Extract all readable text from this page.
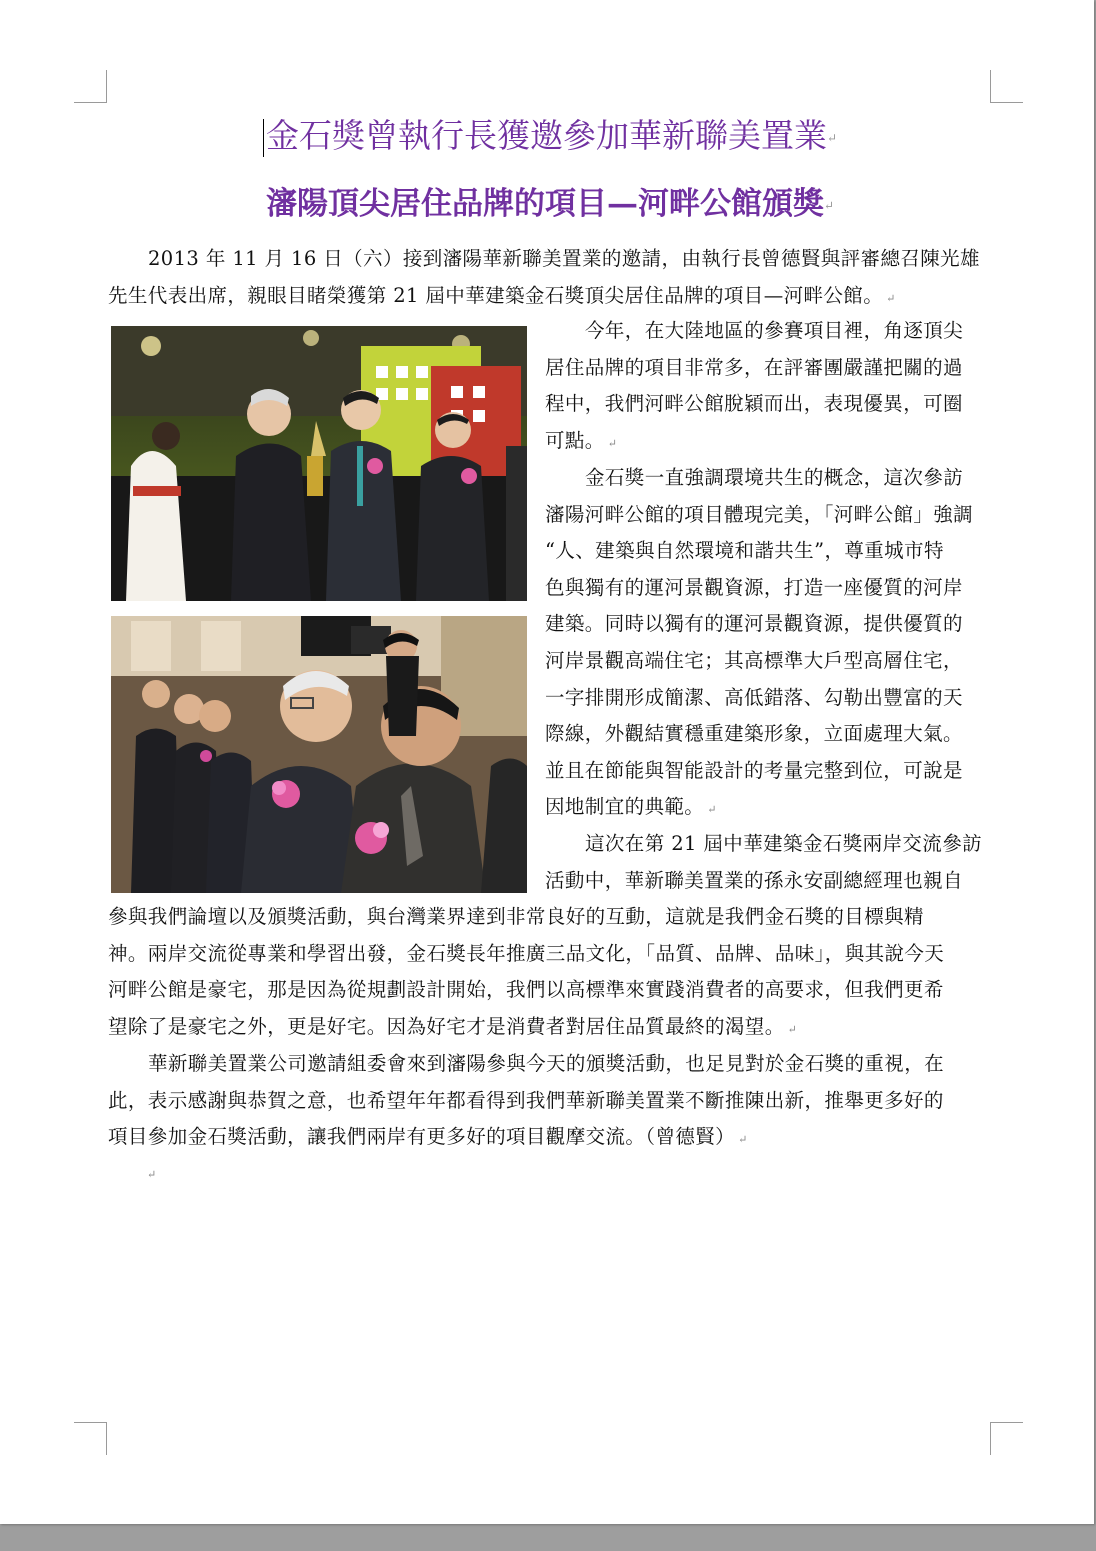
金石獎曾執行長獲邀參加華新聯美置業↵
瀋陽頂尖居住品牌的項目—河畔公館頒獎↵
2013 年 11 月 16 日（六）接到瀋陽華新聯美置業的邀請，由執行長曾德賢與評審總召陳光雄
先生代表出席，親眼目睹榮獲第 21 屆中華建築金石獎頂尖居住品牌的項目—河畔公館。 ↵
今年，在大陸地區的參賽項目裡，角逐頂尖
居住品牌的項目非常多，在評審團嚴謹把關的過
程中，我們河畔公館脫穎而出，表現優異，可圈
可點。 ↵
金石獎一直強調環境共生的概念，這次參訪
瀋陽河畔公館的項目體現完美，「河畔公館」強調
“人、建築與自然環境和諧共生”，尊重城市特
色與獨有的運河景觀資源，打造一座優質的河岸
建築。同時以獨有的運河景觀資源，提供優質的
河岸景觀高端住宅；其高標準大戶型高層住宅，
一字排開形成簡潔、高低錯落、勾勒出豐富的天
際線，外觀結實穩重建築形象，立面處理大氣。
並且在節能與智能設計的考量完整到位，可說是
因地制宜的典範。 ↵
這次在第 21 屆中華建築金石獎兩岸交流參訪
活動中，華新聯美置業的孫永安副總經理也親自
參與我們論壇以及頒獎活動，與台灣業界達到非常良好的互動，這就是我們金石獎的目標與精
神。兩岸交流從專業和學習出發，金石獎長年推廣三品文化，「品質、品牌、品味」，與其說今天
河畔公館是豪宅，那是因為從規劃設計開始，我們以高標準來實踐消費者的高要求，但我們更希
望除了是豪宅之外，更是好宅。因為好宅才是消費者對居住品質最終的渴望。 ↵
華新聯美置業公司邀請組委會來到瀋陽參與今天的頒獎活動，也足見對於金石獎的重視，在
此，表示感謝與恭賀之意，也希望年年都看得到我們華新聯美置業不斷推陳出新，推舉更多好的
項目參加金石獎活動，讓我們兩岸有更多好的項目觀摩交流。（曾德賢） ↵
↵
